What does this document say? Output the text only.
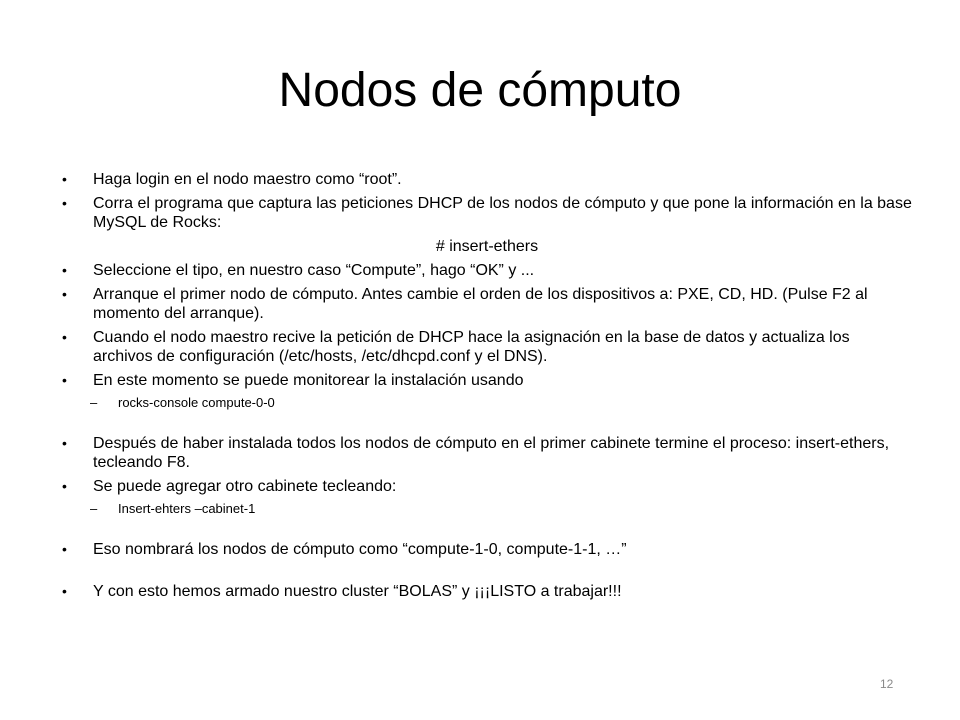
Nodos de cómputo
• Haga login en el nodo maestro como “root”.
• Corra el programa que captura las peticiones DHCP de los nodos de cómputo y que pone la información en la base MySQL de Rocks:
# insert-ethers
• Seleccione el tipo, en nuestro caso “Compute”, hago “OK” y ...
• Arranque el primer nodo de cómputo. Antes cambie el orden de los dispositivos a: PXE, CD, HD. (Pulse F2 al momento del arranque).
• Cuando el nodo maestro recive la petición de DHCP hace la asignación en la base de datos y actualiza los archivos de configuración (/etc/hosts, /etc/dhcpd.conf y el DNS).
• En este momento se puede monitorear la instalación usando
– rocks-console compute-0-0
• Después de haber instalada todos los nodos de cómputo en el primer cabinete termine el proceso: insert-ethers, tecleando F8.
• Se puede agregar otro cabinete tecleando:
– Insert-ehters –cabinet-1
• Eso nombrará los nodos de cómputo como “compute-1-0, compute-1-1, …”
• Y con esto hemos armado nuestro cluster “BOLAS” y ¡¡¡LISTO a trabajar!!!
12
